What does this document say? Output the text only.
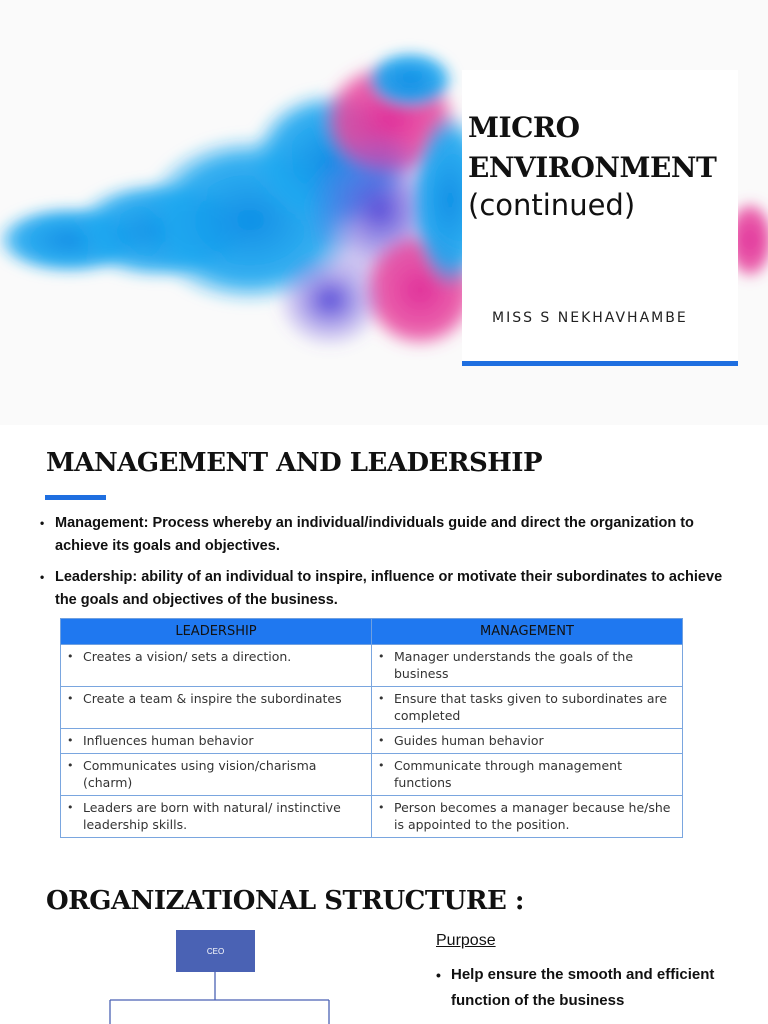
MICRO
ENVIRONMENT
(continued)
MISS S NEKHAVHAMBE
MANAGEMENT AND LEADERSHIP
• Management: Process whereby an individual/individuals guide and direct the organization to achieve its goals and objectives.
• Leadership: ability of an individual to inspire, influence or motivate their subordinates to achieve the goals and objectives of the business.
LEADERSHIP	MANAGEMENT
• Creates a vision/ sets a direction.	• Manager understands the goals of the business
• Create a team & inspire the subordinates	• Ensure that tasks given to subordinates are completed
• Influences human behavior	• Guides human behavior
• Communicates using vision/charisma (charm)	• Communicate through management functions
• Leaders are born with natural/ instinctive leadership skills.	• Person becomes a manager because he/she is appointed to the position.
ORGANIZATIONAL STRUCTURE :
CEO
Purpose
• Help ensure the smooth and efficient function of the business
